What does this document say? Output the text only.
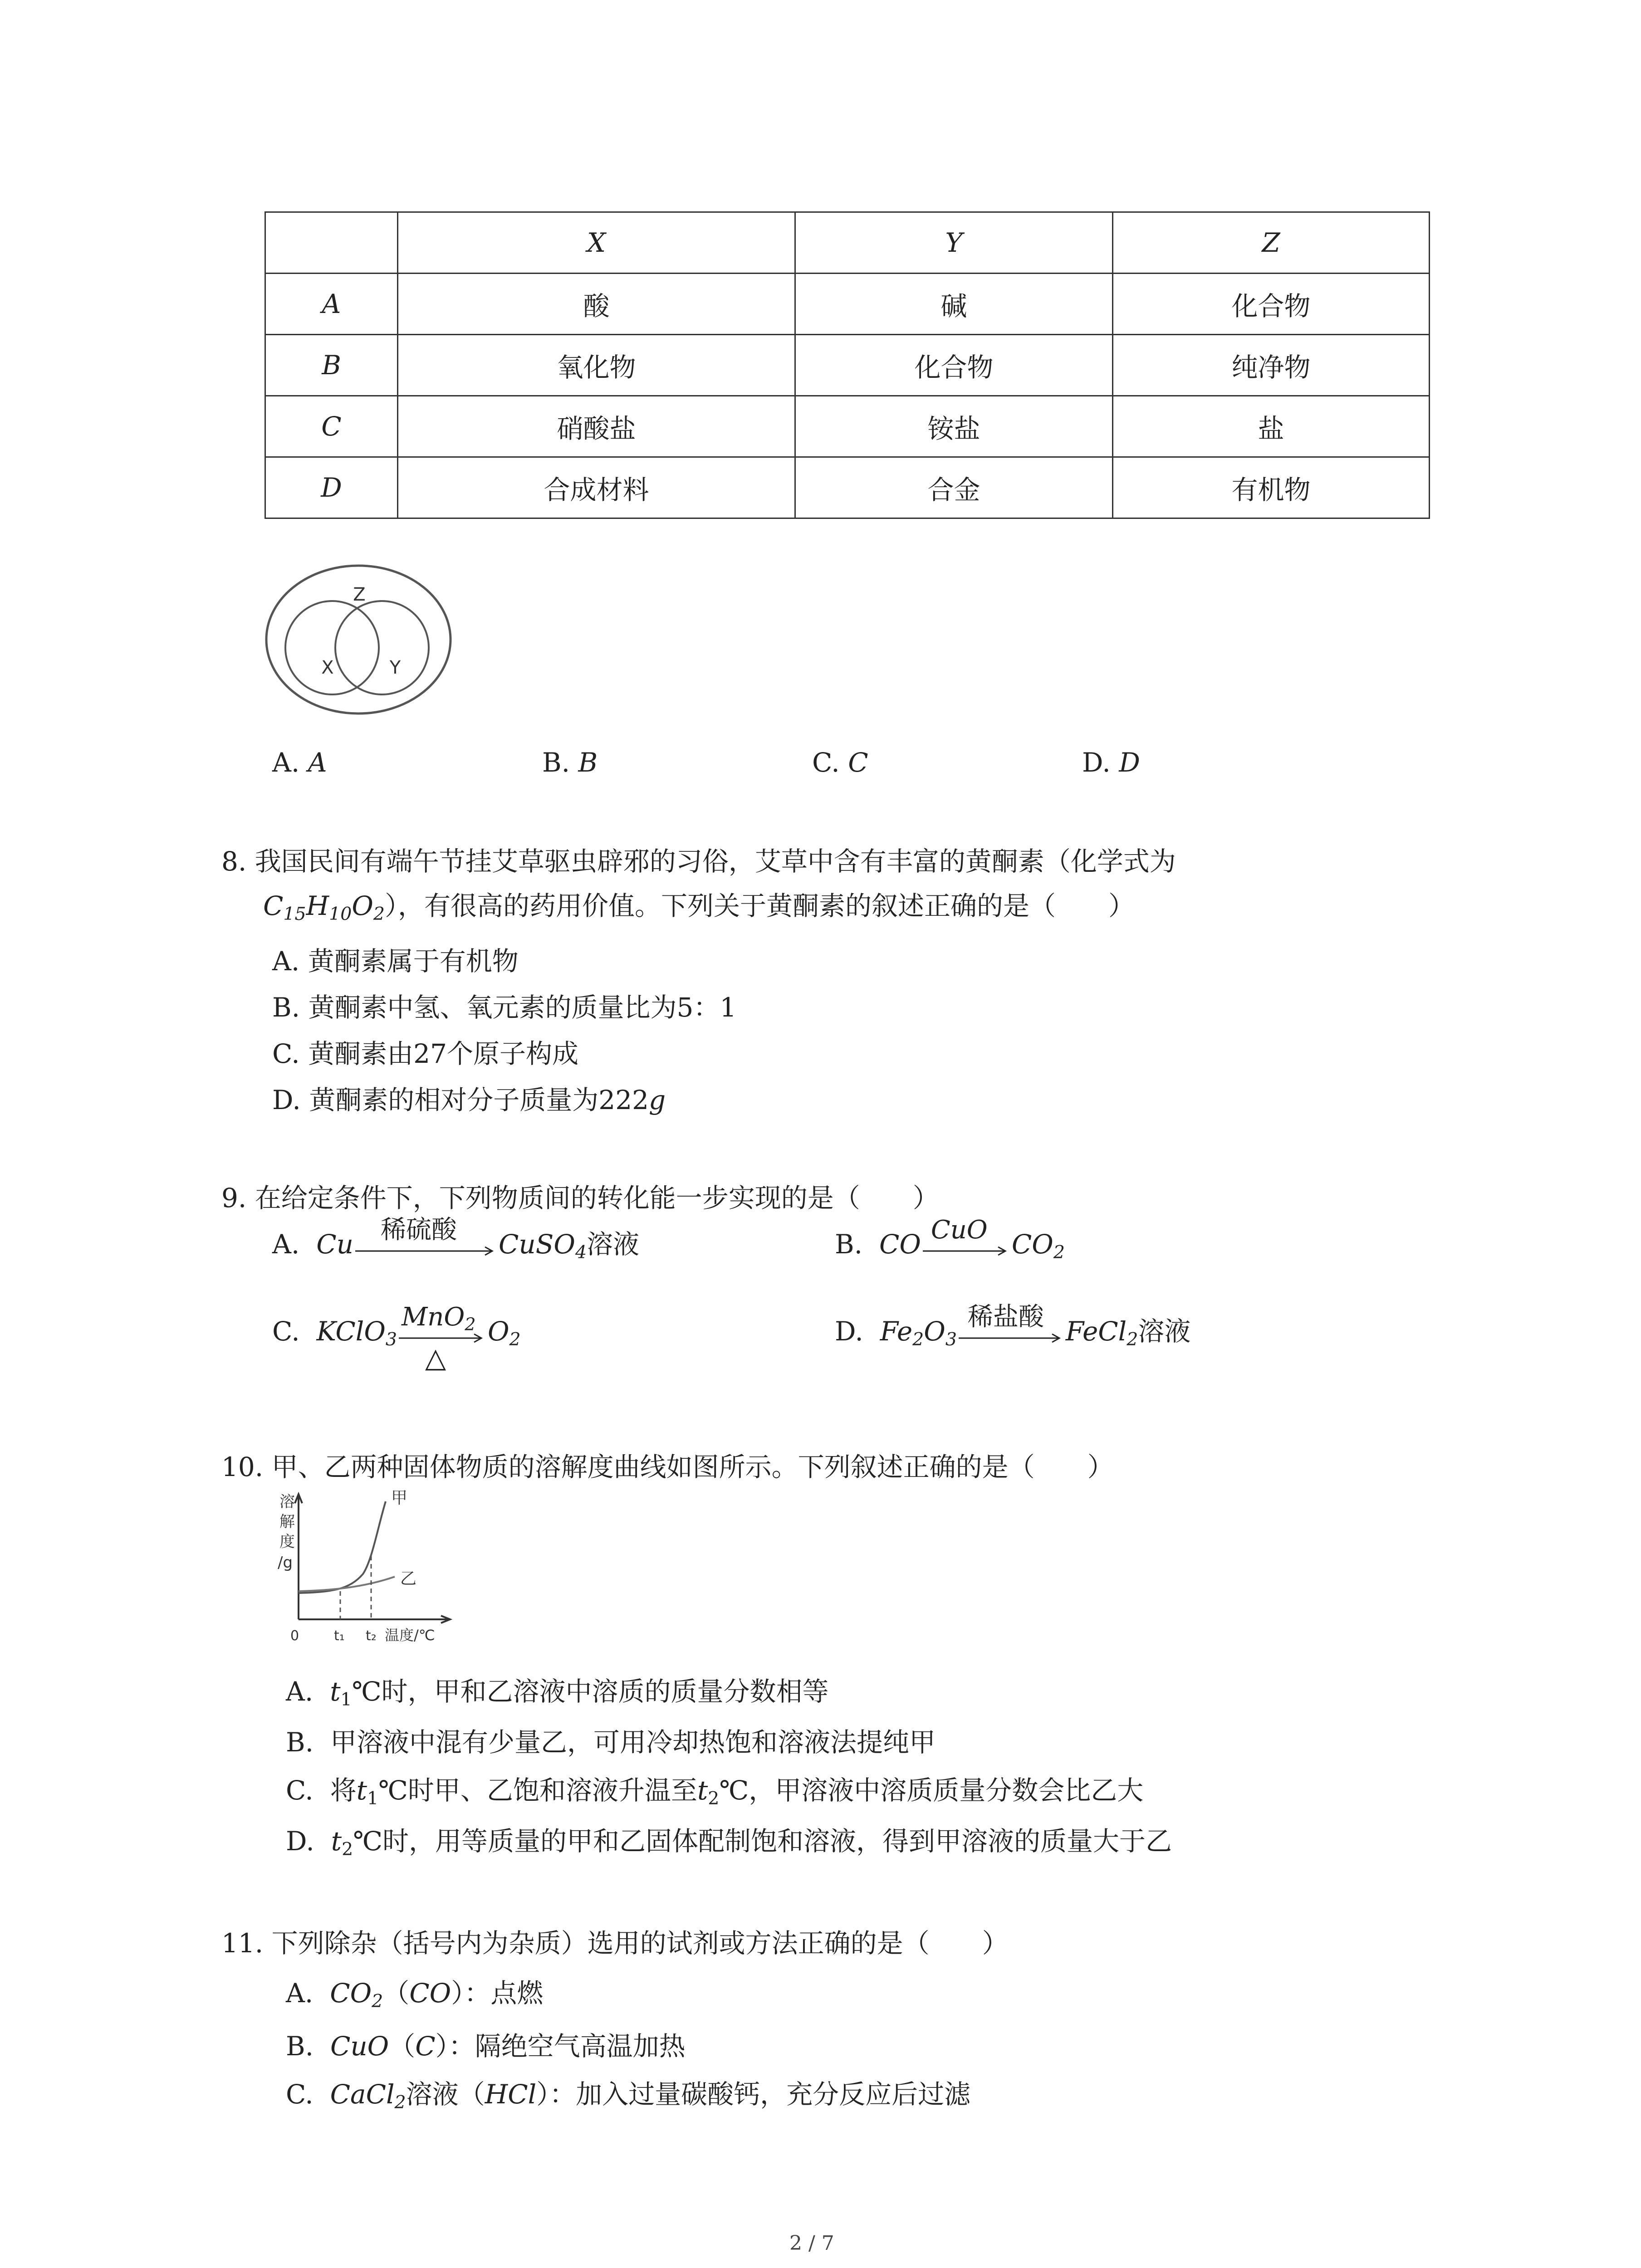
	X	Y	Z
A	酸	碱	化合物
B	氧化物	化合物	纯净物
C	硝酸盐	铵盐	盐
D	合成材料	合金	有机物
Z
X	Y
A. A	B. B	C. C	D. D
8. 我国民间有端午节挂艾草驱虫辟邪的习俗，艾草中含有丰富的黄酮素（化学式为
$C_{15}H_{10}O_2$），有很高的药用价值。下列关于黄酮素的叙述正确的是（　　）
A. 黄酮素属于有机物
B. 黄酮素中氢、氧元素的质量比为5：1
C. 黄酮素由27个原子构成
D. 黄酮素的相对分子质量为222g
9. 在给定条件下，下列物质间的转化能一步实现的是（　　）
A. Cu 稀硫酸 CuSO$_4$溶液	B. CO CuO $CO_2$
C. KClO$_3$
MnO$_2$
△
$O_2$	D. $Fe_2O_3$
稀盐酸 FeCl$_2$溶液
10. 甲、乙两种固体物质的溶解度曲线如图所示。下列叙述正确的是（　　）
溶
解
度
/g
甲
乙
0	t₁ t₂ 温度/℃
A. $t_1℃$时，甲和乙溶液中溶质的质量分数相等
B. 甲溶液中混有少量乙，可用冷却热饱和溶液法提纯甲
C. 将$t_1℃$时甲、乙饱和溶液升温至$t_2℃$，甲溶液中溶质质量分数会比乙大
D. $t_2℃$时，用等质量的甲和乙固体配制饱和溶液，得到甲溶液的质量大于乙
11. 下列除杂（括号内为杂质）选用的试剂或方法正确的是（　　）
A. $CO_2(CO)$：点燃
B. CuO（C）：隔绝空气高温加热
C. CaCl$_2$溶液（HCl）：加入过量碳酸钙，充分反应后过滤
2 / 7
